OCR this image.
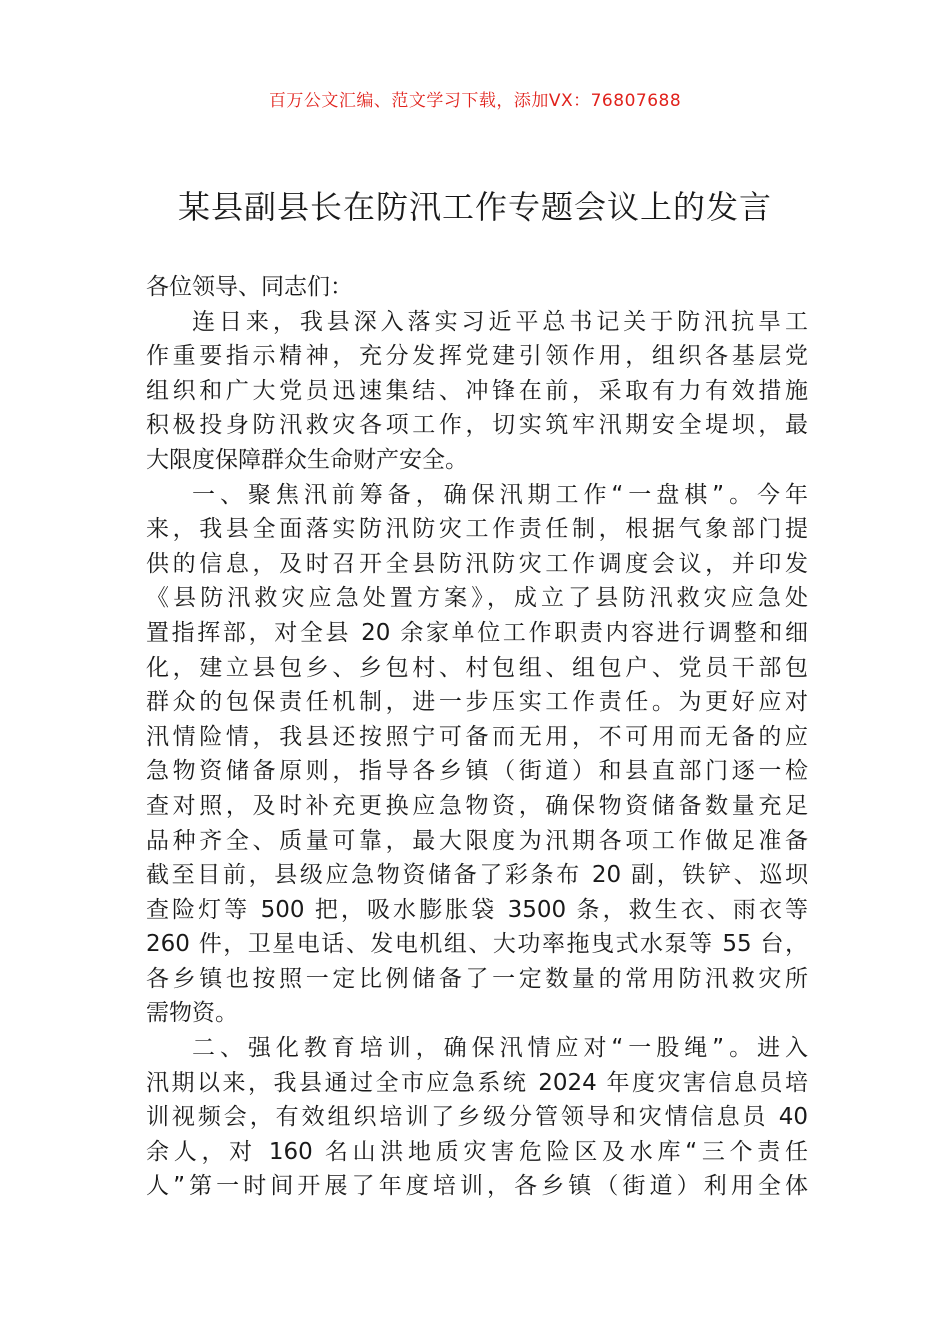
百万公文汇编、范文学习下载，添加VX：76807688
某县副县长在防汛工作专题会议上的发言
各位领导、同志们：
连日来，我县深入落实习近平总书记关于防汛抗旱工
作重要指示精神，充分发挥党建引领作用，组织各基层党
组织和广大党员迅速集结、冲锋在前，采取有力有效措施
积极投身防汛救灾各项工作，切实筑牢汛期安全堤坝，最
大限度保障群众生命财产安全。
一、聚焦汛前筹备，确保汛期工作“一盘棋”。今年
来，我县全面落实防汛防灾工作责任制，根据气象部门提
供的信息，及时召开全县防汛防灾工作调度会议，并印发
《县防汛救灾应急处置方案》，成立了县防汛救灾应急处
置指挥部，对全县 20 余家单位工作职责内容进行调整和细
化，建立县包乡、乡包村、村包组、组包户、党员干部包
群众的包保责任机制，进一步压实工作责任。为更好应对
汛情险情，我县还按照宁可备而无用，不可用而无备的应
急物资储备原则，指导各乡镇（街道）和县直部门逐一检
查对照，及时补充更换应急物资，确保物资储备数量充足
品种齐全、质量可靠，最大限度为汛期各项工作做足准备
截至目前，县级应急物资储备了彩条布 20 副，铁铲、巡坝
查险灯等 500 把，吸水膨胀袋 3500 条，救生衣、雨衣等
260 件，卫星电话、发电机组、大功率拖曳式水泵等 55 台，
各乡镇也按照一定比例储备了一定数量的常用防汛救灾所
需物资。
二、强化教育培训，确保汛情应对“一股绳”。进入
汛期以来，我县通过全市应急系统 2024 年度灾害信息员培
训视频会，有效组织培训了乡级分管领导和灾情信息员 40
余人，对 160 名山洪地质灾害危险区及水库“三个责任
人”第一时间开展了年度培训，各乡镇（街道）利用全体
